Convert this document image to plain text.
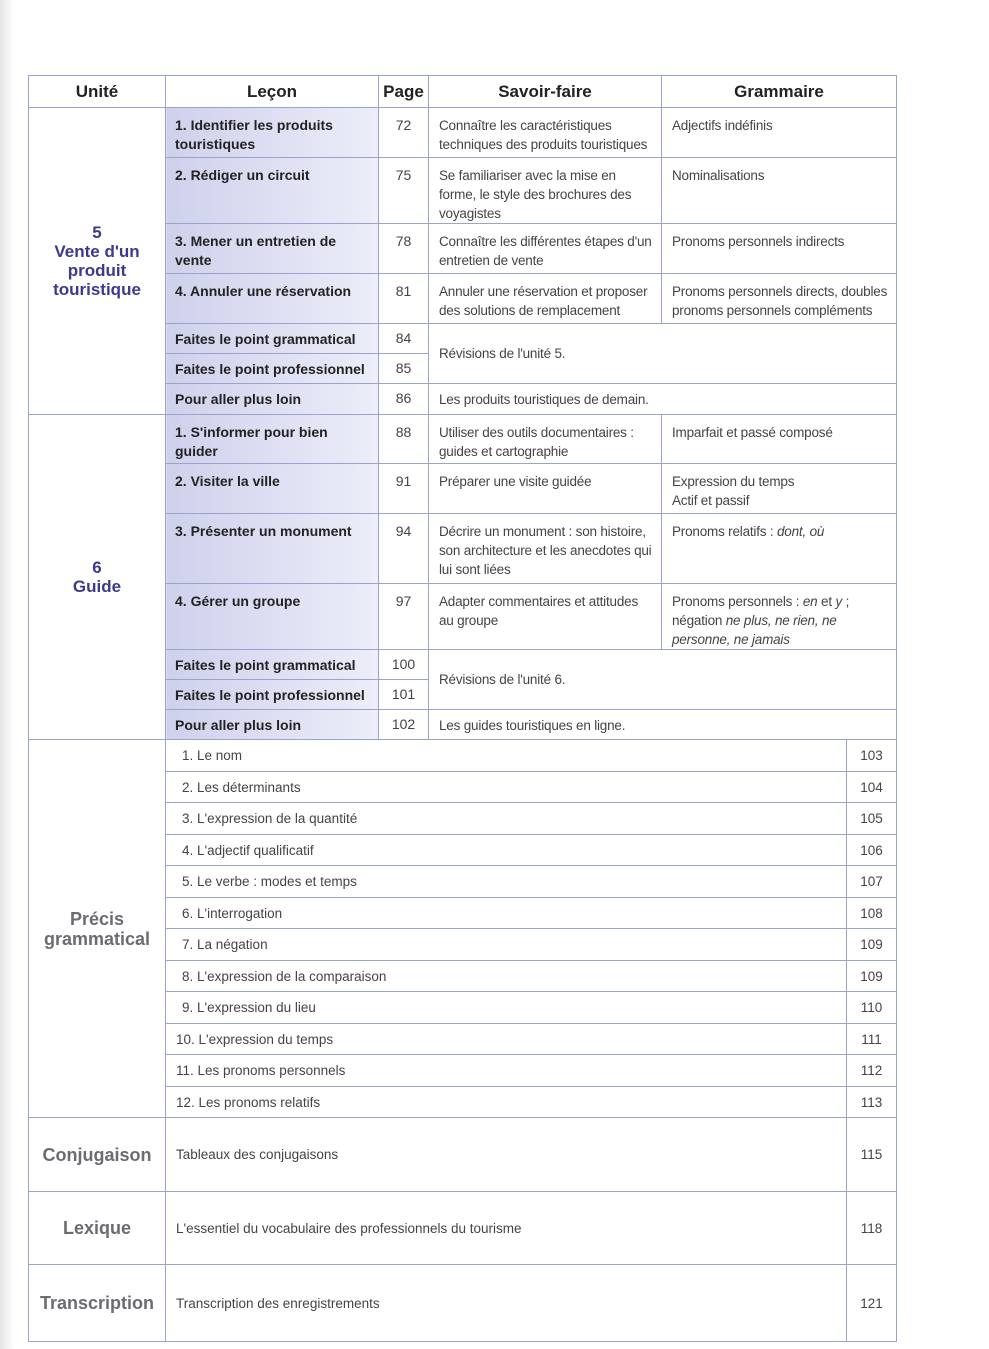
Unité	Leçon	Page	Savoir-faire	Grammaire	

5
Vente d'un produit touristique	1. Identifier les produits touristiques	72	Connaître les caractéristiques techniques des produits touristiques	Adjectifs indéfinis	
	2. Rédiger un circuit	75	Se familiariser avec la mise en forme, le style des brochures des voyagistes	Nominalisations	
	3. Mener un entretien de vente	78	Connaître les différentes étapes d'un entretien de vente	Pronoms personnels indirects	
	4. Annuler une réservation	81	Annuler une réservation et proposer des solutions de remplacement	Pronoms personnels directs, doubles pronoms personnels compléments	
	Faites le point grammatical	84	Révisions de l'unité 5.		
	Faites le point professionnel	85			
	Pour aller plus loin	86	Les produits touristiques de demain.		

6
Guide	1. S'informer pour bien guider	88	Utiliser des outils documentaires : guides et cartographie	Imparfait et passé composé	
	2. Visiter la ville	91	Préparer une visite guidée	Expression du temps
Actif et passif	
	3. Présenter un monument	94	Décrire un monument : son histoire, son architecture et les anecdotes qui lui sont liées	Pronoms relatifs : dont, où	
	4. Gérer un groupe	97	Adapter commentaires et attitudes au groupe	Pronoms personnels : en et y ; négation ne plus, ne rien, ne personne, ne jamais	
	Faites le point grammatical	100	Révisions de l'unité 6.		
	Faites le point professionnel	101			
	Pour aller plus loin	102	Les guides touristiques en ligne.		
Précis grammatical	1. Le nom				103
	2. Les déterminants				104
	3. L'expression de la quantité				105
	4. L'adjectif qualificatif				106
	5. Le verbe : modes et temps				107
	6. L'interrogation				108
	7. La négation				109
	8. L'expression de la comparaison				109
	9. L'expression du lieu				110
	10. L'expression du temps				111
	11. Les pronoms personnels				112
	12. Les pronoms relatifs				113
Conjugaison	Tableaux des conjugaisons				115
Lexique	L'essentiel du vocabulaire des professionnels du tourisme				118
Transcription	Transcription des enregistrements				121
